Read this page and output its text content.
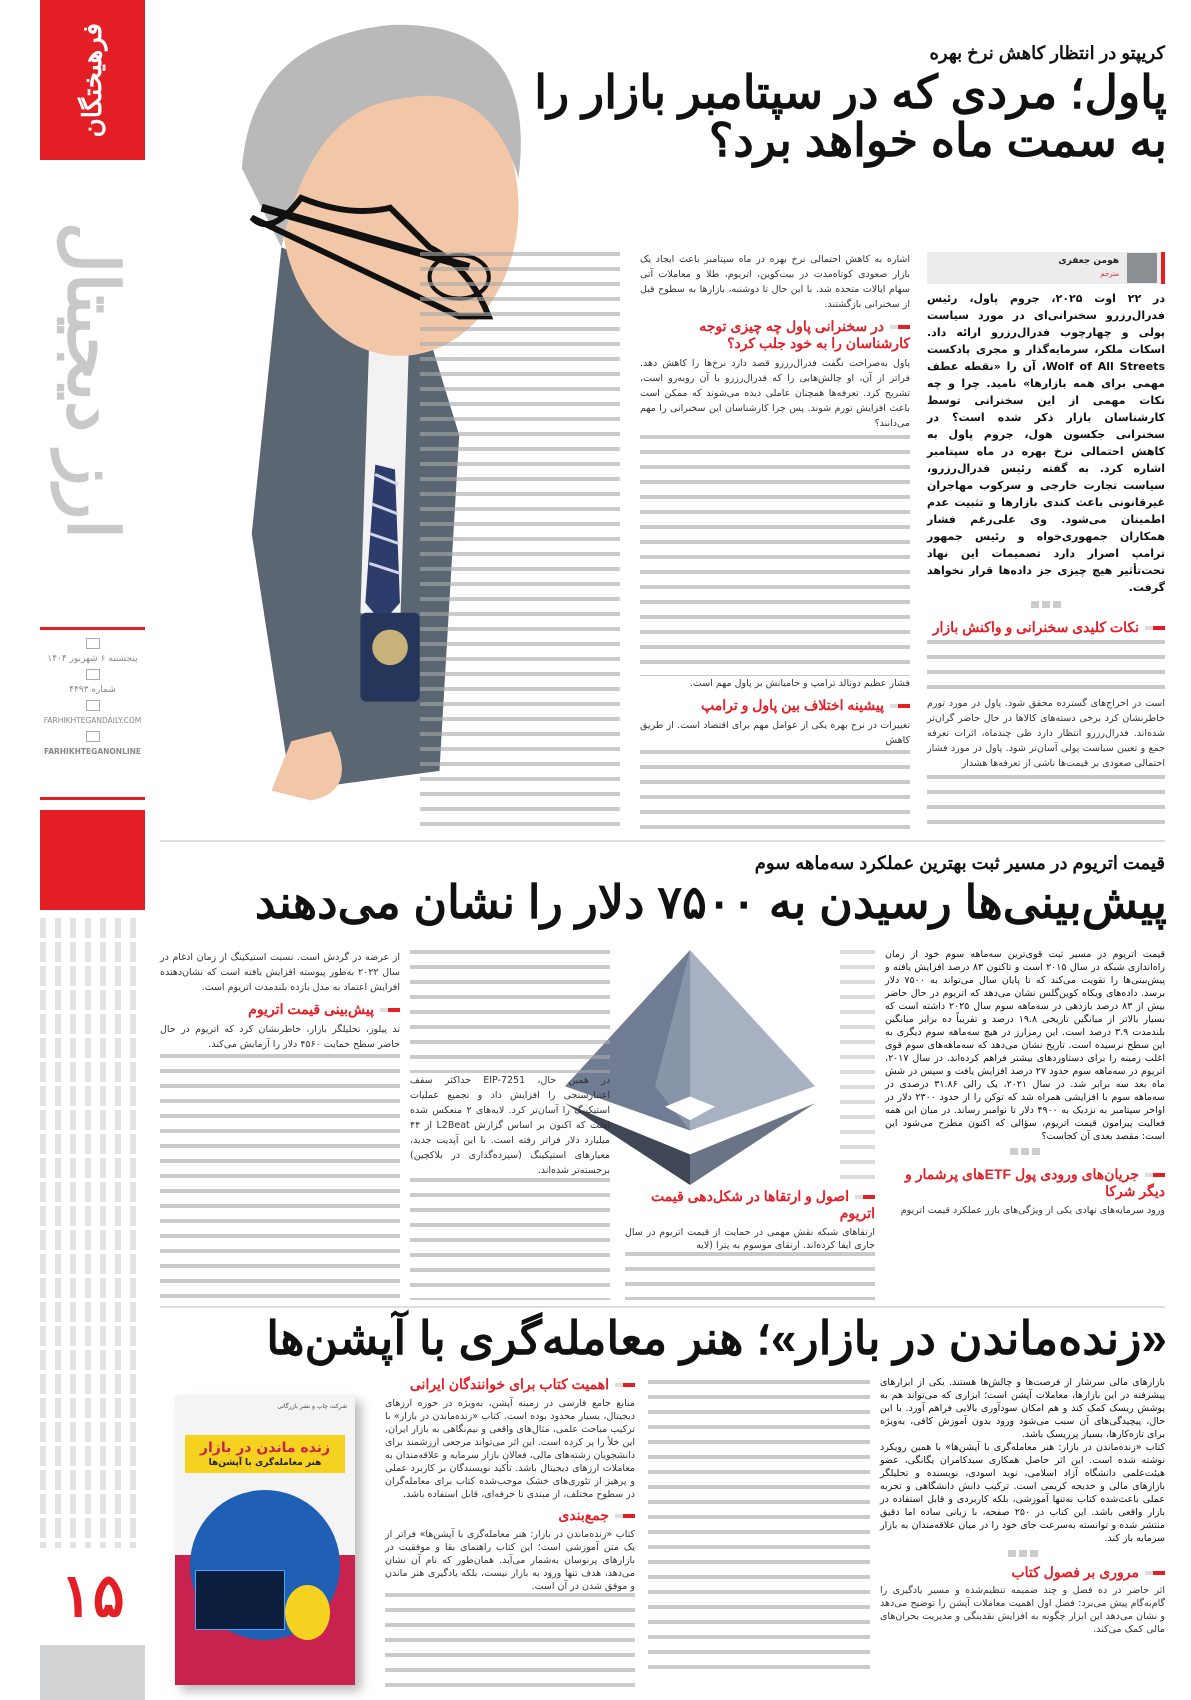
فرهیختگان
ارز دیجیتال
پنجشنبه ۶ شهریور ۱۴۰۴
شماره ۴۴۹۳
FARHIKHTEGANDAILY.COM
FARHIKHTEGANONLINE
۱۵
کریپتو در انتظار کاهش نرخ بهره
پاول؛ مردی که در سپتامبر بازار را به سمت ماه خواهد برد؟
هومن جعفری
مترجم
در ۲۲ اوت ۲۰۲۵، جروم پاول، رئیس فدرال‌رزرو سخنرانی‌ای در مورد سیاست پولی و چهارچوب فدرال‌رزرو ارائه داد. اسکات ملکر، سرمایه‌گذار و مجری پادکست Wolf of All Streets، آن را «نقطه عطف مهمی برای همه بازارها» نامید. چرا و چه نکات مهمی از این سخنرانی توسط کارشناسان بازار ذکر شده است؟ در سخنرانی جکسون هول، جروم پاول به کاهش احتمالی نرخ بهره در ماه سپتامبر اشاره کرد. به گفته رئیس فدرال‌رزرو، سیاست تجارت خارجی و سرکوب مهاجران غیرقانونی باعث کندی بازارها و تثبیت عدم اطمینان می‌شود. وی علی‌رغم فشار همکاران جمهوری‌خواه و رئیس جمهور ترامپ اصرار دارد تصمیمات این نهاد تحت‌تأثیر هیچ چیزی جز داده‌ها قرار نخواهد گرفت.
نکات کلیدی سخنرانی و واکنش بازار
است در اخراج‌های گسترده محقق شود. پاول در مورد تورم خاطرنشان کرد برخی دسته‌های کالاها در حال حاضر گران‌تر شده‌اند. فدرال‌رزرو انتظار دارد طی چندماه، اثرات تعرفه جمع و تعیین سیاست پولی آسان‌تر شود. پاول در مورد فشار احتمالی صعودی بر قیمت‌ها ناشی از تعرفه‌ها هشدار
اشاره به کاهش احتمالی نرخ بهره در ماه سپتامبر باعث ایجاد یک بازار صعودی کوتاه‌مدت در بیت‌کوین، اتریوم، طلا و معاملات آتی سهام ایالات متحده شد. با این حال تا دوشنبه، بازارها به سطوح قبل از سخنرانی بازگشتند.
در سخنرانی پاول چه چیزی توجه کارشناسان را به خود جلب کرد؟
پاول به‌صراحت نگفت فدرال‌رزرو قصد دارد نرخ‌ها را کاهش دهد. فراتر از آن، او چالش‌هایی را که فدرال‌رزرو با آن روبه‌رو است، تشریح کرد. تعرفه‌ها همچنان عاملی دیده می‌شوند که ممکن است باعث افزایش تورم شوند. پس چرا کارشناسان این سخنرانی را مهم می‌دانند؟
فشار عظیم دونالد ترامپ و حامیانش بر پاول مهم است.
پیشینه اختلاف بین پاول و ترامپ
تغییرات در نرخ بهره یکی از عوامل مهم برای اقتصاد است. از طریق کاهش
قیمت اتریوم در مسیر ثبت بهترین عملکرد سه‌ماهه سوم
پیش‌بینی‌ها رسیدن به ۷۵۰۰ دلار را نشان می‌دهند
قیمت اتریوم در مسیر ثبت قوی‌ترین سه‌ماهه سوم خود از زمان راه‌اندازی شبکه در سال ۲۰۱۵ است و تاکنون ۸۳ درصد افزایش یافته و پیش‌بینی‌ها را تقویت می‌کند که تا پایان سال می‌تواند به ۷۵۰۰ دلار برسد. داده‌های ویکاه کوین‌گلس نشان می‌دهد که اتریوم در حال حاضر بیش از ۸۳ درصد بازدهی در سه‌ماهه سوم سال ۲۰۲۵ داشته است که بسیار بالاتر از میانگین تاریخی ۱۹.۸ درصد و تقریباً ده برابر میانگین بلندمدت ۳.۹ درصد است. این رمزارز در هیچ سه‌ماهه سوم دیگری به این سطح نرسیده است. تاریخ نشان می‌دهد که سه‌ماهه‌های سوم قوی اغلب زمینه را برای دستاوردهای بیشتر فراهم کرده‌اند. در سال ۲۰۱۷، اتریوم در سه‌ماهه سوم حدود ۲۷ درصد افزایش یافت و سپس در شش ماه بعد سه برابر شد. در سال ۲۰۲۱، یک رالی ۳۱.۸۶ درصدی در سه‌ماهه سوم با افزایشی همراه شد که توکن را از حدود ۲۳۰۰ دلار در اواخر سپتامبر به نزدیک به ۴۹۰۰ دلار تا نوامبر رساند. در میان این همه فعالیت پیرامون قیمت اتریوم، سؤالی که اکنون مطرح می‌شود این است: مقصد بعدی آن کجاست؟
جریان‌های ورودی پول ETFهای پرشمار و دیگر شرکا
ورود سرمایه‌های نهادی یکی از ویژگی‌های بارز عملکرد قیمت اتریوم
اصول و ارتقاها در شکل‌دهی قیمت اتریوم
ارتقاهای شبکه نقش مهمی در حمایت از قیمت اتریوم در سال جاری ایفا کرده‌اند. ارتقای موسوم به پترا (لایه
در همین حال، EIP-7251 حداکثر سقف اعتبارسنجی را افزایش داد و تجمیع عملیات استیکینگ را آسان‌تر کرد. لایه‌های ۲ منعکس شده است که اکنون بر اساس گزارش L2Beat از ۴۴ میلیارد دلار فراتر رفته است. با این آپدیت جدید، معیارهای استیکینگ (سپرده‌گذاری در بلاکچین) برجسته‌تر شده‌اند.
از عرضه در گردش است. نسبت استیکینگ از زمان ادغام در سال ۲۰۲۲ به‌طور پیوسته افزایش یافته است که نشان‌دهنده افزایش اعتماد به مدل بازده بلندمدت اتریوم است.
پیش‌بینی قیمت اتریوم
تد پیلوز، تحلیلگر بازار، خاطرنشان کرد که اتریوم در حال حاضر سطح حمایت ۴۵۶۰ دلار را آزمایش می‌کند.
«زنده‌ماندن در بازار»؛ هنر معامله‌گری با آپشن‌ها
بازارهای مالی سرشار از فرصت‌ها و چالش‌ها هستند. یکی از ابزارهای پیشرفته در این بازارها، معاملات آپشن است؛ ابزاری که می‌تواند هم به پوشش ریسک کمک کند و هم امکان سودآوری بالایی فراهم آورد. با این حال، پیچیدگی‌های آن سبب می‌شود ورود بدون آموزش کافی، به‌ویژه برای تازه‌کارها، بسیار پرریسک باشد.
کتاب «زنده‌ماندن در بازار: هنر معامله‌گری با آپشن‌ها» با همین رویکرد نوشته شده است. این اثر حاصل همکاری سیدکامران یگانگی، عضو هیئت‌علمی دانشگاه آزاد اسلامی، نوید اسودی، نویسنده و تحلیلگر بازارهای مالی و خدیجه کریمی است. ترکیب دانش دانشگاهی و تجربه عملی باعث‌شده کتاب نه‌تنها آموزشی، بلکه کاربردی و قابل استفاده در بازار واقعی باشد. این کتاب در ۲۵۰ صفحه، با زبانی ساده اما دقیق منتشر شده و توانسته به‌سرعت جای خود را در میان علاقه‌مندان به بازار سرمایه باز کند.
مروری بر فصول کتاب
اثر حاضر در ده فصل و چند ضمیمه تنظیم‌شده و مسیر یادگیری را گام‌به‌گام پیش می‌برد: فصل اول اهمیت معاملات آپشن را توضیح می‌دهد و نشان می‌دهد این ابزار چگونه به افزایش نقدینگی و مدیریت بحران‌های مالی کمک می‌کند.
اهمیت کتاب برای خوانندگان ایرانی
منابع جامع فارسی در زمینه آپشن، به‌ویژه در حوزه ارزهای دیجیتال، بسیار محدود بوده است. کتاب «زنده‌ماندن در بازار» با ترکیب مباحث علمی، مثال‌های واقعی و نیم‌نگاهی به بازار ایران، این خلأ را پر کرده است. این اثر می‌تواند مرجعی ارزشمند برای دانشجویان رشته‌های مالی، فعالان بازار سرمایه و علاقه‌مندان به معاملات ارزهای دیجیتال باشد. تأکید نویسندگان بر کاربرد عملی و پرهیز از تئوری‌های خشک موجب‌شده کتاب برای معامله‌گران در سطوح مختلف، از مبتدی تا حرفه‌ای، قابل استفاده باشد.
جمع‌بندی
کتاب «زنده‌ماندن در بازار: هنر معامله‌گری با آپشن‌ها» فراتر از یک متن آموزشی است؛ این کتاب راهنمای بقا و موفقیت در بازارهای پرنوسان به‌شمار می‌آید. همان‌طور که نام آن نشان می‌دهد، هدف تنها ورود به بازار نیست، بلکه یادگیری هنر ماندن و موفق شدن در آن است.
شرکت چاپ و نشر بازرگانی
زنده ماندن در بازار
هنر معامله‌گری با آپشن‌ها
